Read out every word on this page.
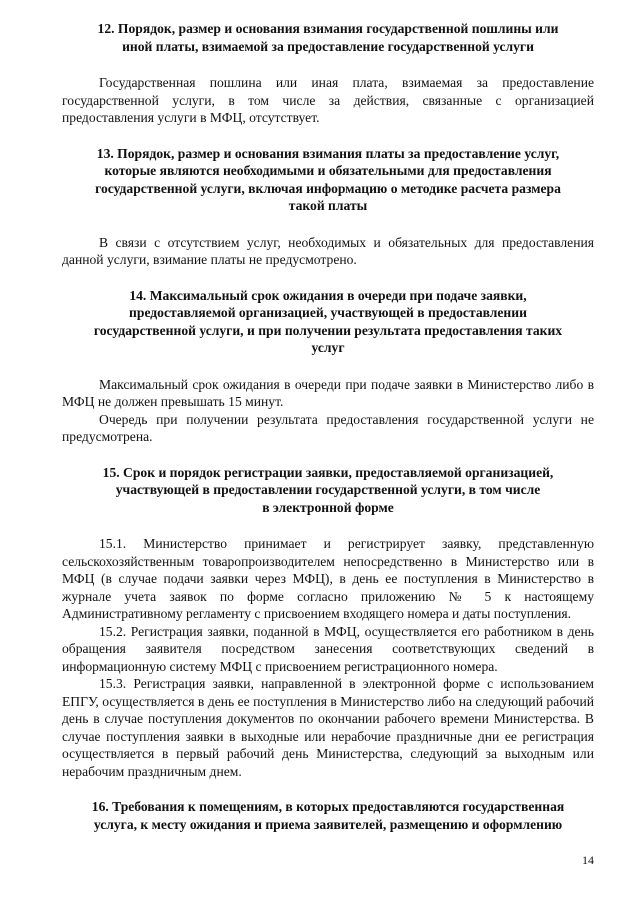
12. Порядок, размер и основания взимания государственной пошлины или
иной платы, взимаемой за предоставление государственной услуги

Государственная пошлина или иная плата, взимаемая за предоставление государственной услуги, в том числе за действия, связанные с организацией предоставления услуги в МФЦ, отсутствует.

13. Порядок, размер и основания взимания платы за предоставление услуг,
которые являются необходимыми и обязательными для предоставления
государственной услуги, включая информацию о методике расчета размера
такой платы

В связи с отсутствием услуг, необходимых и обязательных для предоставления данной услуги, взимание платы не предусмотрено.

14. Максимальный срок ожидания в очереди при подаче заявки,
предоставляемой организацией, участвующей в предоставлении
государственной услуги, и при получении результата предоставления таких
услуг

Максимальный срок ожидания в очереди при подаче заявки в Министерство либо в МФЦ не должен превышать 15 минут.

Очередь при получении результата предоставления государственной услуги не предусмотрена.

15. Срок и порядок регистрации заявки, предоставляемой организацией,
участвующей в предоставлении государственной услуги, в том числе
в электронной форме

15.1. Министерство принимает и регистрирует заявку, представленную сельскохозяйственным товаропроизводителем непосредственно в Министерство или в МФЦ (в случае подачи заявки через МФЦ), в день ее поступления в Министерство в журнале учета заявок по форме согласно приложению № 5 к настоящему Административному регламенту с присвоением входящего номера и даты поступления.

15.2. Регистрация заявки, поданной в МФЦ, осуществляется его работником в день обращения заявителя посредством занесения соответствующих сведений в информационную систему МФЦ с присвоением регистрационного номера.

15.3. Регистрация заявки, направленной в электронной форме с использованием ЕПГУ, осуществляется в день ее поступления в Министерство либо на следующий рабочий день в случае поступления документов по окончании рабочего времени Министерства. В случае поступления заявки в выходные или нерабочие праздничные дни ее регистрация осуществляется в первый рабочий день Министерства, следующий за выходным или нерабочим праздничным днем.

16. Требования к помещениям, в которых предоставляются государственная
услуга, к месту ожидания и приема заявителей, размещению и оформлению
14
